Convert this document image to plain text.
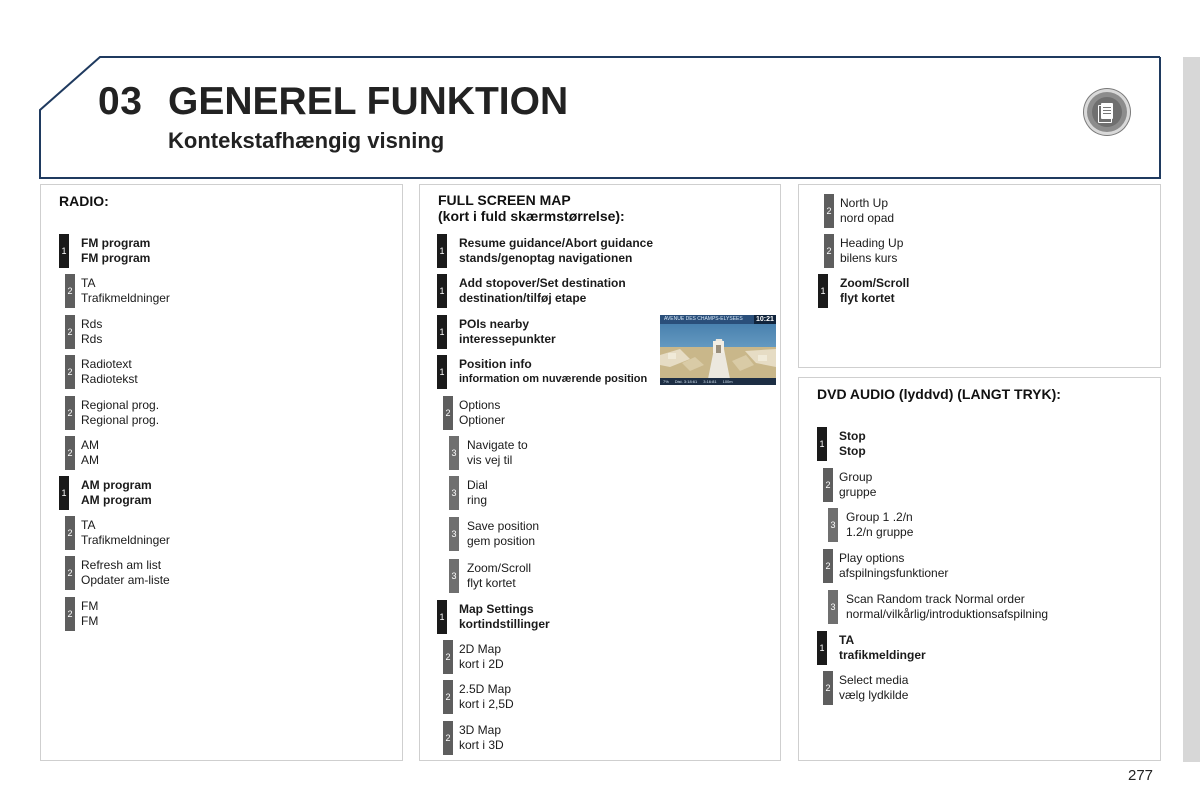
03 GENEREL FUNKTION
Kontekstafhængig visning
RADIO:	FULL SCREEN MAP
(kort i fuld skærmstørrelse):
DVD AUDIO (lyddvd) (LANGT TRYK):
1
FM program
FM program
2
TA
Trafikmeldninger
2
Rds
Rds
2
Radiotext
Radiotekst
2
Regional prog.
Regional prog.
2
AM
AM
1
AM program
AM program
2
TA
Trafikmeldninger
2
Refresh am list
Opdater am-liste
2
FM
FM
1
Resume guidance/Abort guidance
stands/genoptag navigationen
1
Add stopover/Set destination
destination/tilføj etape
1
POIs nearby
interessepunkter
1
Position info
information om nuværende position
2
Options
Optioner
3
Navigate to
vis vej til
3
Dial
ring
3
Save position
gem position
3
Zoom/Scroll
flyt kortet
1
Map Settings
kortindstillinger
2
2D Map
kort i 2D
2
2.5D Map
kort i 2,5D
2
3D Map
kort i 3D
AVENUE DES CHAMPS-ELYSEES 10:21
7% Dist. 3:18:61 3:16:81 100m
2
North Up
nord opad
2
Heading Up
bilens kurs
1
Zoom/Scroll
flyt kortet
1
Stop
Stop
2
Group
gruppe
3
Group 1 .2/n
1.2/n gruppe
2
Play options
afspilningsfunktioner
3
Scan Random track Normal order
normal/vilkårlig/introduktionsafspilning
1
TA
trafikmeldinger
2
Select media
vælg lydkilde
277
